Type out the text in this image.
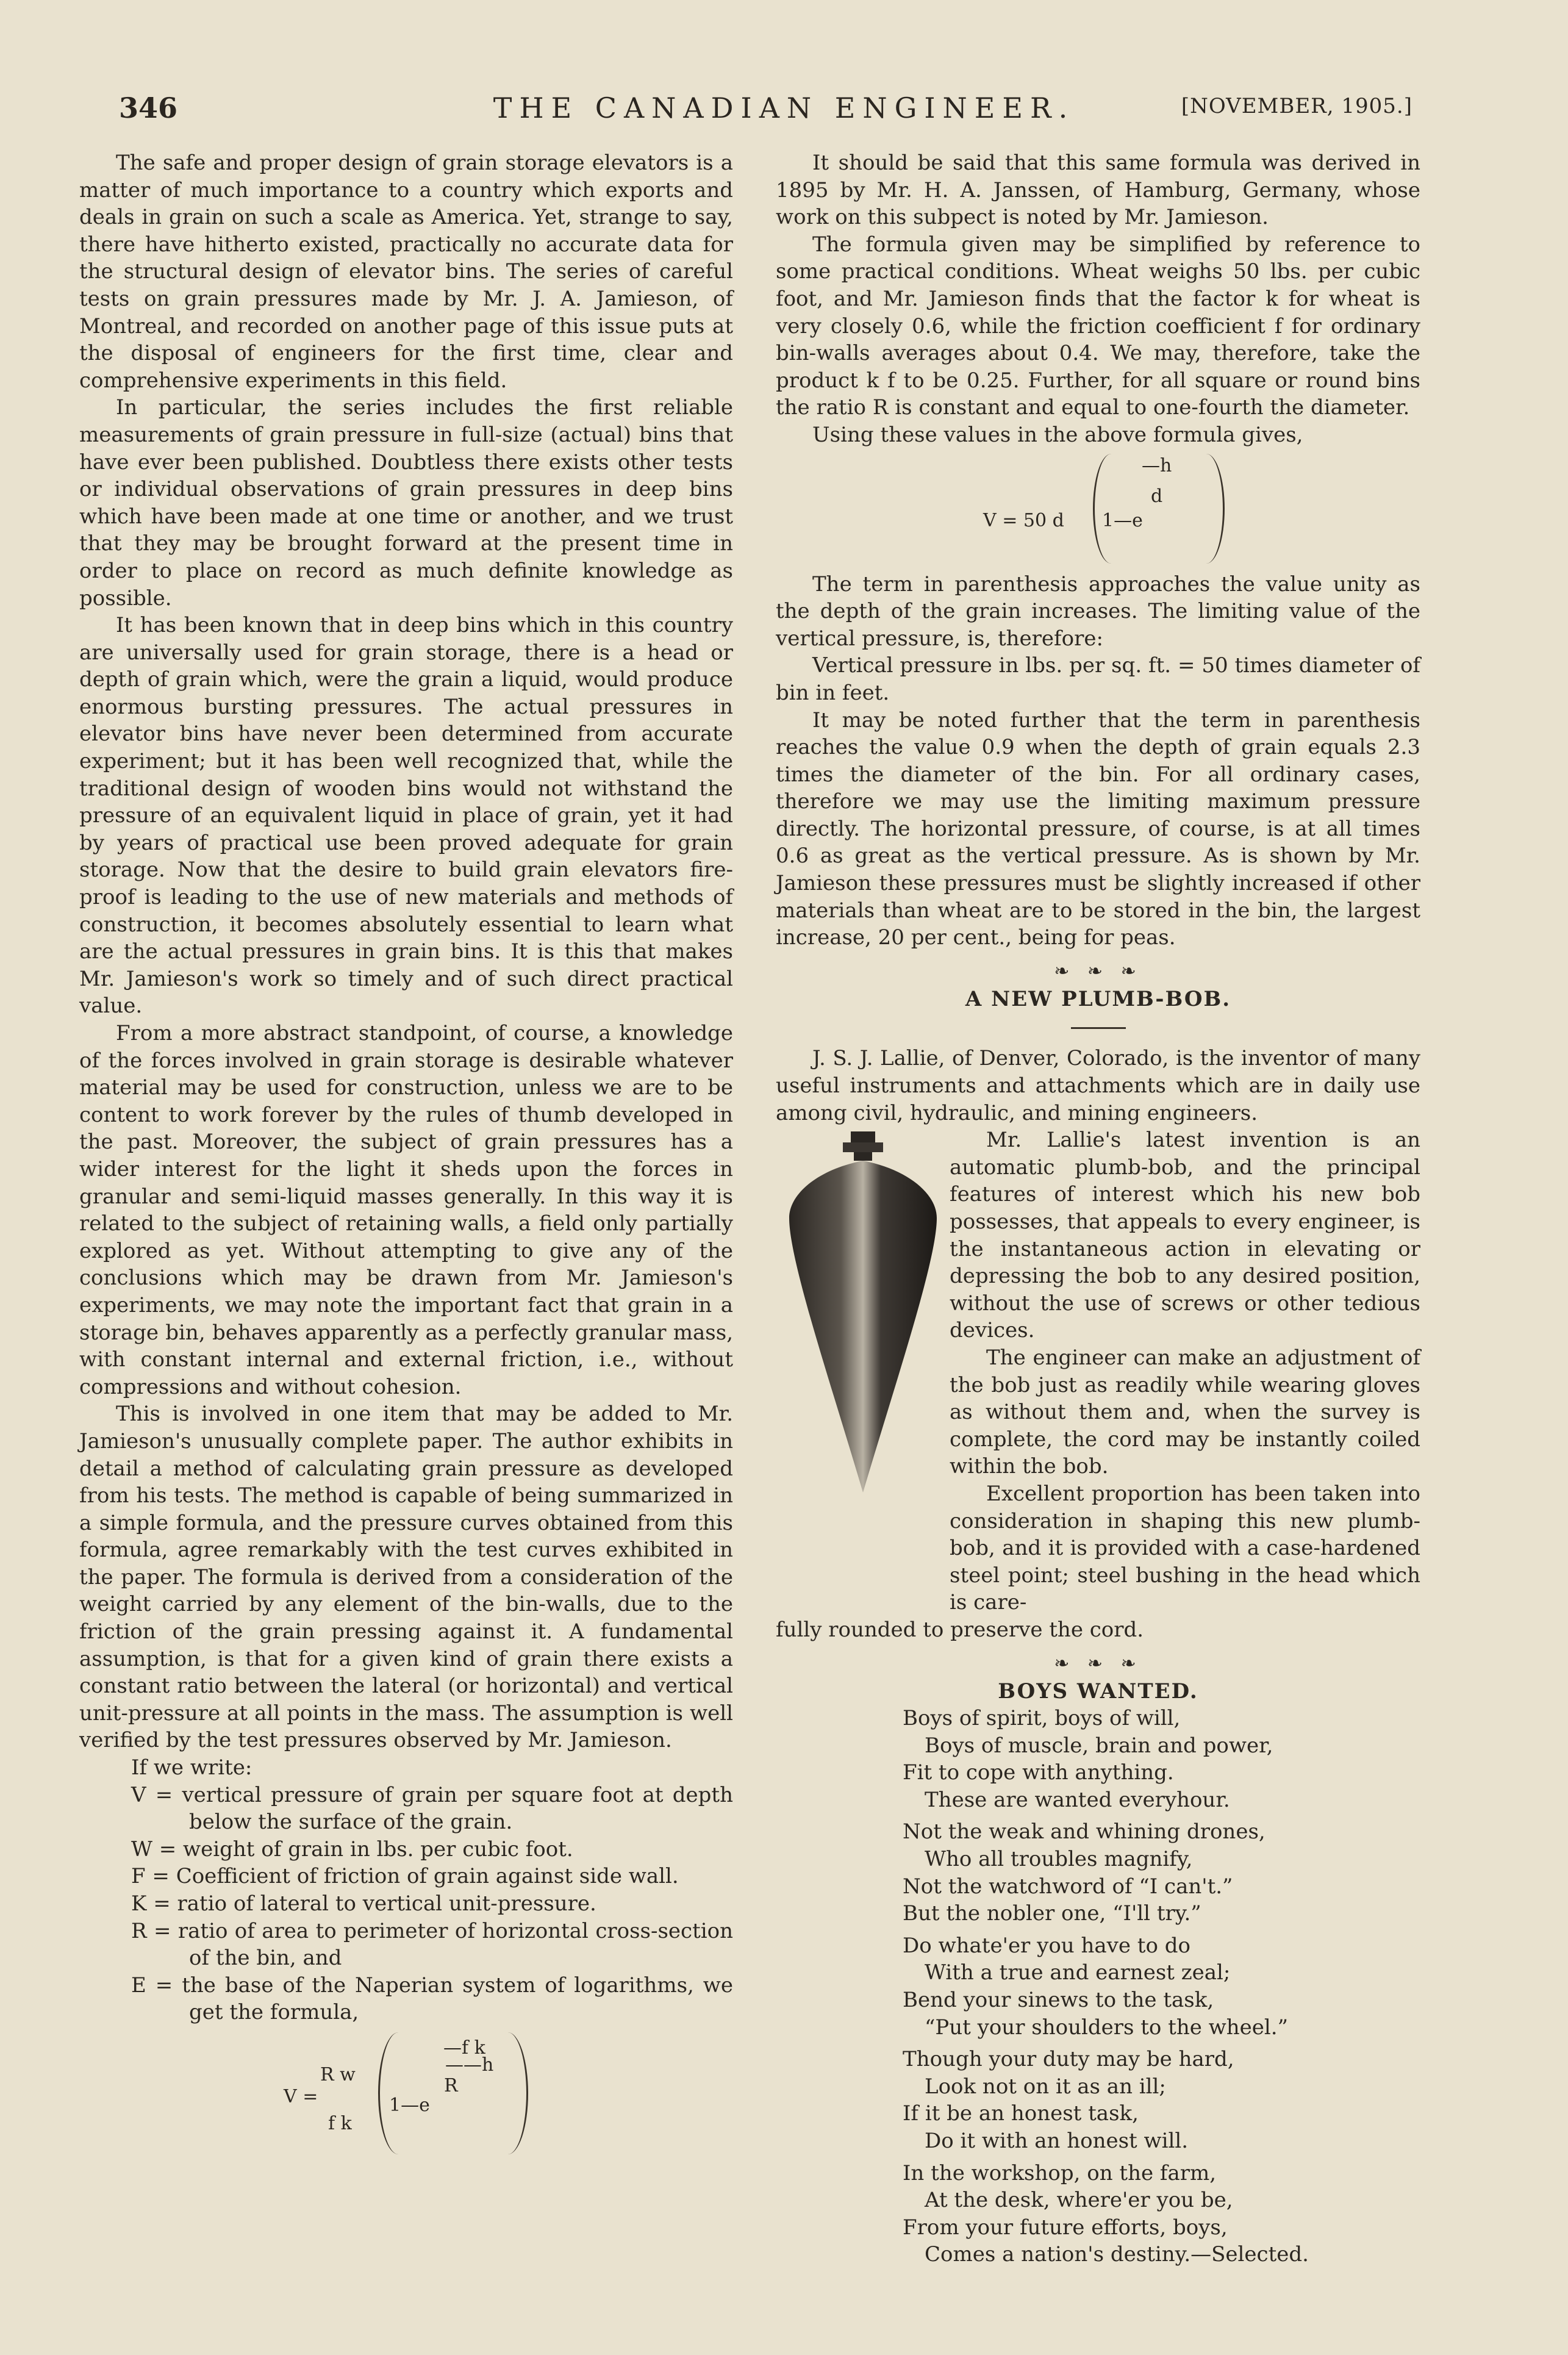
THE CANADIAN ENGINEER.
346	[NOVEMBER, 1905.]

The safe and proper design of grain storage elevators is a matter of much importance to a country which exports and deals in grain on such a scale as America. Yet, strange to say, there have hitherto existed, practically no accurate data for the structural design of elevator bins. The series of careful tests on grain pressures made by Mr. J. A. Jamieson, of Montreal, and recorded on another page of this issue puts at the disposal of engineers for the first time, clear and comprehensive experiments in this field.

In particular, the series includes the first reliable measurements of grain pressure in full-size (actual) bins that have ever been published. Doubtless there exists other tests or individual observations of grain pressures in deep bins which have been made at one time or another, and we trust that they may be brought forward at the present time in order to place on record as much definite knowledge as possible.

It has been known that in deep bins which in this country are universally used for grain storage, there is a head or depth of grain which, were the grain a liquid, would produce enormous bursting pressures. The actual pressures in elevator bins have never been determined from accurate experiment; but it has been well recognized that, while the traditional design of wooden bins would not withstand the pressure of an equivalent liquid in place of grain, yet it had by years of practical use been proved adequate for grain storage. Now that the desire to build grain elevators fire-proof is leading to the use of new materials and methods of construction, it becomes absolutely essential to learn what are the actual pressures in grain bins. It is this that makes Mr. Jamieson's work so timely and of such direct practical value.

From a more abstract standpoint, of course, a knowledge of the forces involved in grain storage is desirable whatever material may be used for construction, unless we are to be content to work forever by the rules of thumb developed in the past. Moreover, the subject of grain pressures has a wider interest for the light it sheds upon the forces in granular and semi-liquid masses generally. In this way it is related to the subject of retaining walls, a field only partially explored as yet. Without attempting to give any of the conclusions which may be drawn from Mr. Jamieson's experiments, we may note the important fact that grain in a storage bin, behaves apparently as a perfectly granular mass, with constant internal and external friction, i.e., without compressions and without cohesion.

This is involved in one item that may be added to Mr. Jamieson's unusually complete paper. The author exhibits in detail a method of calculating grain pressure as developed from his tests. The method is capable of being summarized in a simple formula, and the pressure curves obtained from this formula, agree remarkably with the test curves exhibited in the paper. The formula is derived from a consideration of the weight carried by any element of the bin-walls, due to the friction of the grain pressing against it. A fundamental assumption, is that for a given kind of grain there exists a constant ratio between the lateral (or horizontal) and vertical unit-pressure at all points in the mass. The assumption is well verified by the test pressures observed by Mr. Jamieson.

If we write:
V = vertical pressure of grain per square foot at depth below the surface of the grain.
W = weight of grain in lbs. per cubic foot.
F = Coefficient of friction of grain against side wall.
K = ratio of lateral to vertical unit-pressure.
R = ratio of area to perimeter of horizontal cross-section of the bin, and
E = the base of the Naperian system of logarithms, we get the formula,
R w
V =
f k
—f k
——h
R
1—e

It should be said that this same formula was derived in 1895 by Mr. H. A. Janssen, of Hamburg, Germany, whose work on this subpect is noted by Mr. Jamieson.

The formula given may be simplified by reference to some practical conditions. Wheat weighs 50 lbs. per cubic foot, and Mr. Jamieson finds that the factor k for wheat is very closely 0.6, while the friction coefficient f for ordinary bin-walls averages about 0.4. We may, therefore, take the product k f to be 0.25. Further, for all square or round bins the ratio R is constant and equal to one-fourth the diameter.

Using these values in the above formula gives,

V = 50 d
—h
d
1—e

The term in parenthesis approaches the value unity as the depth of the grain increases. The limiting value of the vertical pressure, is, therefore:

Vertical pressure in lbs. per sq. ft. = 50 times diameter of bin in feet.

It may be noted further that the term in parenthesis reaches the value 0.9 when the depth of grain equals 2.3 times the diameter of the bin. For all ordinary cases, therefore we may use the limiting maximum pressure directly. The horizontal pressure, of course, is at all times 0.6 as great as the vertical pressure. As is shown by Mr. Jamieson these pressures must be slightly increased if other materials than wheat are to be stored in the bin, the largest increase, 20 per cent., being for peas.

❧ ❧ ❧
A NEW PLUMB-BOB.

J. S. J. Lallie, of Denver, Colorado, is the inventor of many useful instruments and attachments which are in daily use among civil, hydraulic, and mining engineers.

Mr. Lallie's latest invention is an automatic plumb-bob, and the principal features of interest which his new bob possesses, that appeals to every engineer, is the instantaneous action in elevating or depressing the bob to any desired position, without the use of screws or other tedious devices.

The engineer can make an adjustment of the bob just as readily while wearing gloves as without them and, when the survey is complete, the cord may be instantly coiled within the bob.

Excellent proportion has been taken into consideration in shaping this new plumb-bob, and it is provided with a case-hardened steel point; steel bushing in the head which is care-

fully rounded to preserve the cord.
❧ ❧ ❧
BOYS WANTED.
Boys of spirit, boys of will,
Boys of muscle, brain and power,
Fit to cope with anything.
These are wanted everyhour.
Not the weak and whining drones,
Who all troubles magnify,
Not the watchword of “I can't.”
But the nobler one, “I'll try.”
Do whate'er you have to do
With a true and earnest zeal;
Bend your sinews to the task,
“Put your shoulders to the wheel.”
Though your duty may be hard,
Look not on it as an ill;
If it be an honest task,
Do it with an honest will.
In the workshop, on the farm,
At the desk, where'er you be,
From your future efforts, boys,
Comes a nation's destiny.—Selected.
